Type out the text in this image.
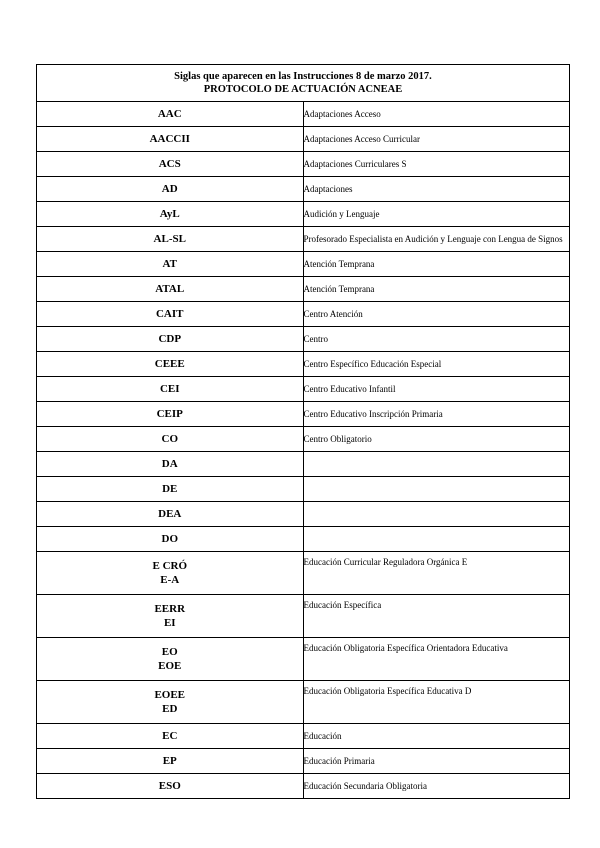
Siglas que aparecen en las Instrucciones 8 de marzo 2017.
PROTOCOLO DE ACTUACIÓN ACNEAE	

AAC	Adaptaciones Acceso

AACCII	Adaptaciones Acceso Curricular

ACS	Adaptaciones Curriculares S

AD	Adaptaciones

AyL	Audición y Lenguaje

AL-SL	Profesorado Especialista en Audición y Lenguaje con Lengua de Signos

AT	Atención Temprana

ATAL	Atención Temprana

CAIT	Centro Atención

CDP	Centro

CEEE	Centro Específico Educación Especial

CEI	Centro Educativo Infantil

CEIP	Centro Educativo Inscripción Primaria

CO	Centro Obligatorio

DA	

DE	

DEA	

DO	

E CRÓ
E-A	Educación Curricular Reguladora Orgánica E

EERR
EI	Educación Específica

EO
EOE	Educación Obligatoria Específica Orientadora Educativa

EOEE
ED	Educación Obligatoria Específica Educativa D

EC	Educación

EP	Educación Primaria

ESO	Educación Secundaria Obligatoria
